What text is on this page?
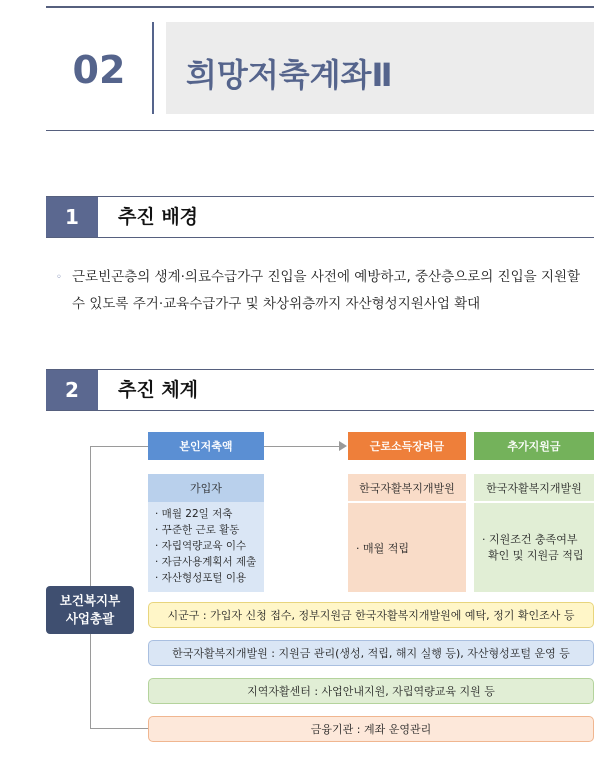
02	희망저축계좌Ⅱ
1	추진 배경
◦ 근로빈곤층의 생계·의료수급가구 진입을 사전에 예방하고, 중산층으로의 진입을 지원할
수 있도록 주거·교육수급가구 및 차상위층까지 자산형성지원사업 확대
2	추진 체계
보건복지부
사업총괄
본인저축액
가입자
· 매월 22일 저축
· 꾸준한 근로 활동
· 자립역량교육 이수
· 자금사용계획서 제출
· 자산형성포털 이용
근로소득장려금
한국자활복지개발원
· 매월 적립
추가지원금
한국자활복지개발원
· 지원조건 충족여부
확인 및 지원금 적립
시군구 : 가입자 신청 접수, 정부지원금 한국자활복지개발원에 예탁, 정기 확인조사 등
한국자활복지개발원 : 지원금 관리(생성, 적립, 해지 실행 등), 자산형성포털 운영 등
지역자활센터 : 사업안내지원, 자립역량교육 지원 등
금융기관 : 계좌 운영관리
